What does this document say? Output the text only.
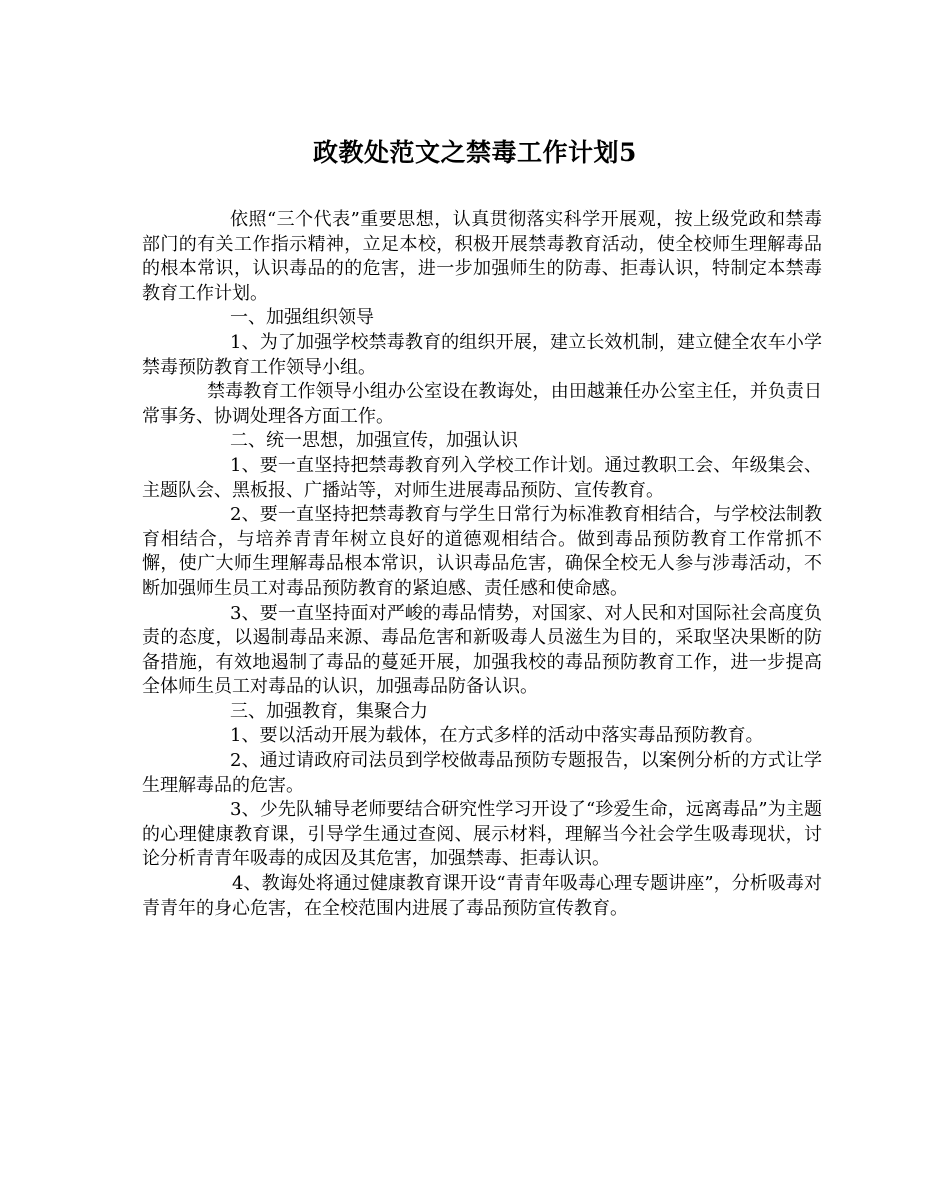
政教处范文之禁毒工作计划5

依照“三个代表”重要思想，认真贯彻落实科学开展观，按上级党政和禁毒部门的有关工作指示精神，立足本校，积极开展禁毒教育活动，使全校师生理解毒品的根本常识，认识毒品的的危害，进一步加强师生的防毒、拒毒认识，特制定本禁毒教育工作计划。

一、加强组织领导

1、为了加强学校禁毒教育的组织开展，建立长效机制，建立健全农车小学禁毒预防教育工作领导小组。

禁毒教育工作领导小组办公室设在教诲处，由田越兼任办公室主任，并负责日常事务、协调处理各方面工作。

二、统一思想，加强宣传，加强认识

1、要一直坚持把禁毒教育列入学校工作计划。通过教职工会、年级集会、主题队会、黑板报、广播站等，对师生进展毒品预防、宣传教育。

2、要一直坚持把禁毒教育与学生日常行为标准教育相结合，与学校法制教育相结合，与培养青青年树立良好的道德观相结合。做到毒品预防教育工作常抓不懈，使广大师生理解毒品根本常识，认识毒品危害，确保全校无人参与涉毒活动，不断加强师生员工对毒品预防教育的紧迫感、责任感和使命感。

3、要一直坚持面对严峻的毒品情势，对国家、对人民和对国际社会高度负责的态度，以遏制毒品来源、毒品危害和新吸毒人员滋生为目的，采取坚决果断的防备措施，有效地遏制了毒品的蔓延开展，加强我校的毒品预防教育工作，进一步提高全体师生员工对毒品的认识，加强毒品防备认识。

三、加强教育，集聚合力

1、要以活动开展为载体，在方式多样的活动中落实毒品预防教育。

2、通过请政府司法员到学校做毒品预防专题报告，以案例分析的方式让学生理解毒品的危害。

3、少先队辅导老师要结合研究性学习开设了“珍爱生命，远离毒品”为主题的心理健康教育课，引导学生通过查阅、展示材料，理解当今社会学生吸毒现状，讨论分析青青年吸毒的成因及其危害，加强禁毒、拒毒认识。

4、教诲处将通过健康教育课开设“青青年吸毒心理专题讲座”，分析吸毒对青青年的身心危害，在全校范围内进展了毒品预防宣传教育。
